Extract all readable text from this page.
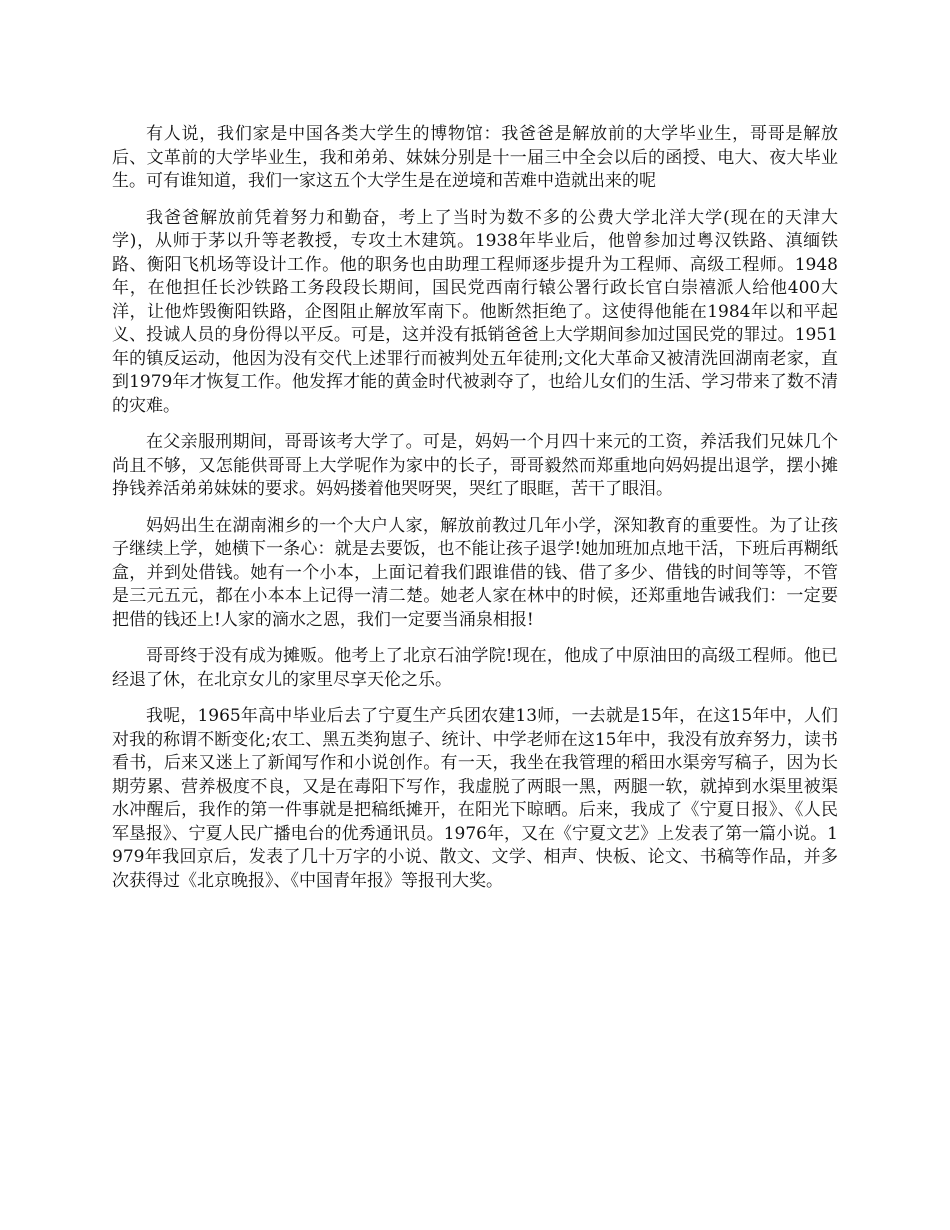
有人说，我们家是中国各类大学生的博物馆：我爸爸是解放前的大学毕业生，哥哥是解放后、文革前的大学毕业生，我和弟弟、妹妹分别是十一届三中全会以后的函授、电大、夜大毕业生。可有谁知道，我们一家这五个大学生是在逆境和苦难中造就出来的呢

我爸爸解放前凭着努力和勤奋，考上了当时为数不多的公费大学北洋大学(现在的天津大学)，从师于茅以升等老教授，专攻土木建筑。1938年毕业后，他曾参加过粤汉铁路、滇缅铁路、衡阳飞机场等设计工作。他的职务也由助理工程师逐步提升为工程师、高级工程师。1948年，在他担任长沙铁路工务段段长期间，国民党西南行辕公署行政长官白崇禧派人给他400大洋，让他炸毁衡阳铁路，企图阻止解放军南下。他断然拒绝了。这使得他能在1984年以和平起义、投诚人员的身份得以平反。可是，这并没有抵销爸爸上大学期间参加过国民党的罪过。1951年的镇反运动，他因为没有交代上述罪行而被判处五年徒刑;文化大革命又被清洗回湖南老家，直到1979年才恢复工作。他发挥才能的黄金时代被剥夺了，也给儿女们的生活、学习带来了数不清的灾难。

在父亲服刑期间，哥哥该考大学了。可是，妈妈一个月四十来元的工资，养活我们兄妹几个尚且不够，又怎能供哥哥上大学呢作为家中的长子，哥哥毅然而郑重地向妈妈提出退学，摆小摊挣钱养活弟弟妹妹的要求。妈妈搂着他哭呀哭，哭红了眼眶，苦干了眼泪。

妈妈出生在湖南湘乡的一个大户人家，解放前教过几年小学，深知教育的重要性。为了让孩子继续上学，她横下一条心：就是去要饭，也不能让孩子退学!她加班加点地干活，下班后再糊纸盒，并到处借钱。她有一个小本，上面记着我们跟谁借的钱、借了多少、借钱的时间等等，不管是三元五元，都在小本本上记得一清二楚。她老人家在林中的时候，还郑重地告诫我们：一定要把借的钱还上!人家的滴水之恩，我们一定要当涌泉相报!

哥哥终于没有成为摊贩。他考上了北京石油学院!现在，他成了中原油田的高级工程师。他已经退了休，在北京女儿的家里尽享天伦之乐。

我呢，1965年高中毕业后去了宁夏生产兵团农建13师，一去就是15年，在这15年中，人们对我的称谓不断变化;农工、黑五类狗崽子、统计、中学老师在这15年中，我没有放弃努力，读书看书，后来又迷上了新闻写作和小说创作。有一天，我坐在我管理的稻田水渠旁写稿子，因为长期劳累、营养极度不良，又是在毒阳下写作，我虚脱了两眼一黑，两腿一软，就掉到水渠里被渠水冲醒后，我作的第一件事就是把稿纸摊开，在阳光下晾晒。后来，我成了《宁夏日报》、《人民军垦报》、宁夏人民广播电台的优秀通讯员。1976年，又在《宁夏文艺》上发表了第一篇小说。1979年我回京后，发表了几十万字的小说、散文、文学、相声、快板、论文、书稿等作品，并多次获得过《北京晚报》、《中国青年报》等报刊大奖。
